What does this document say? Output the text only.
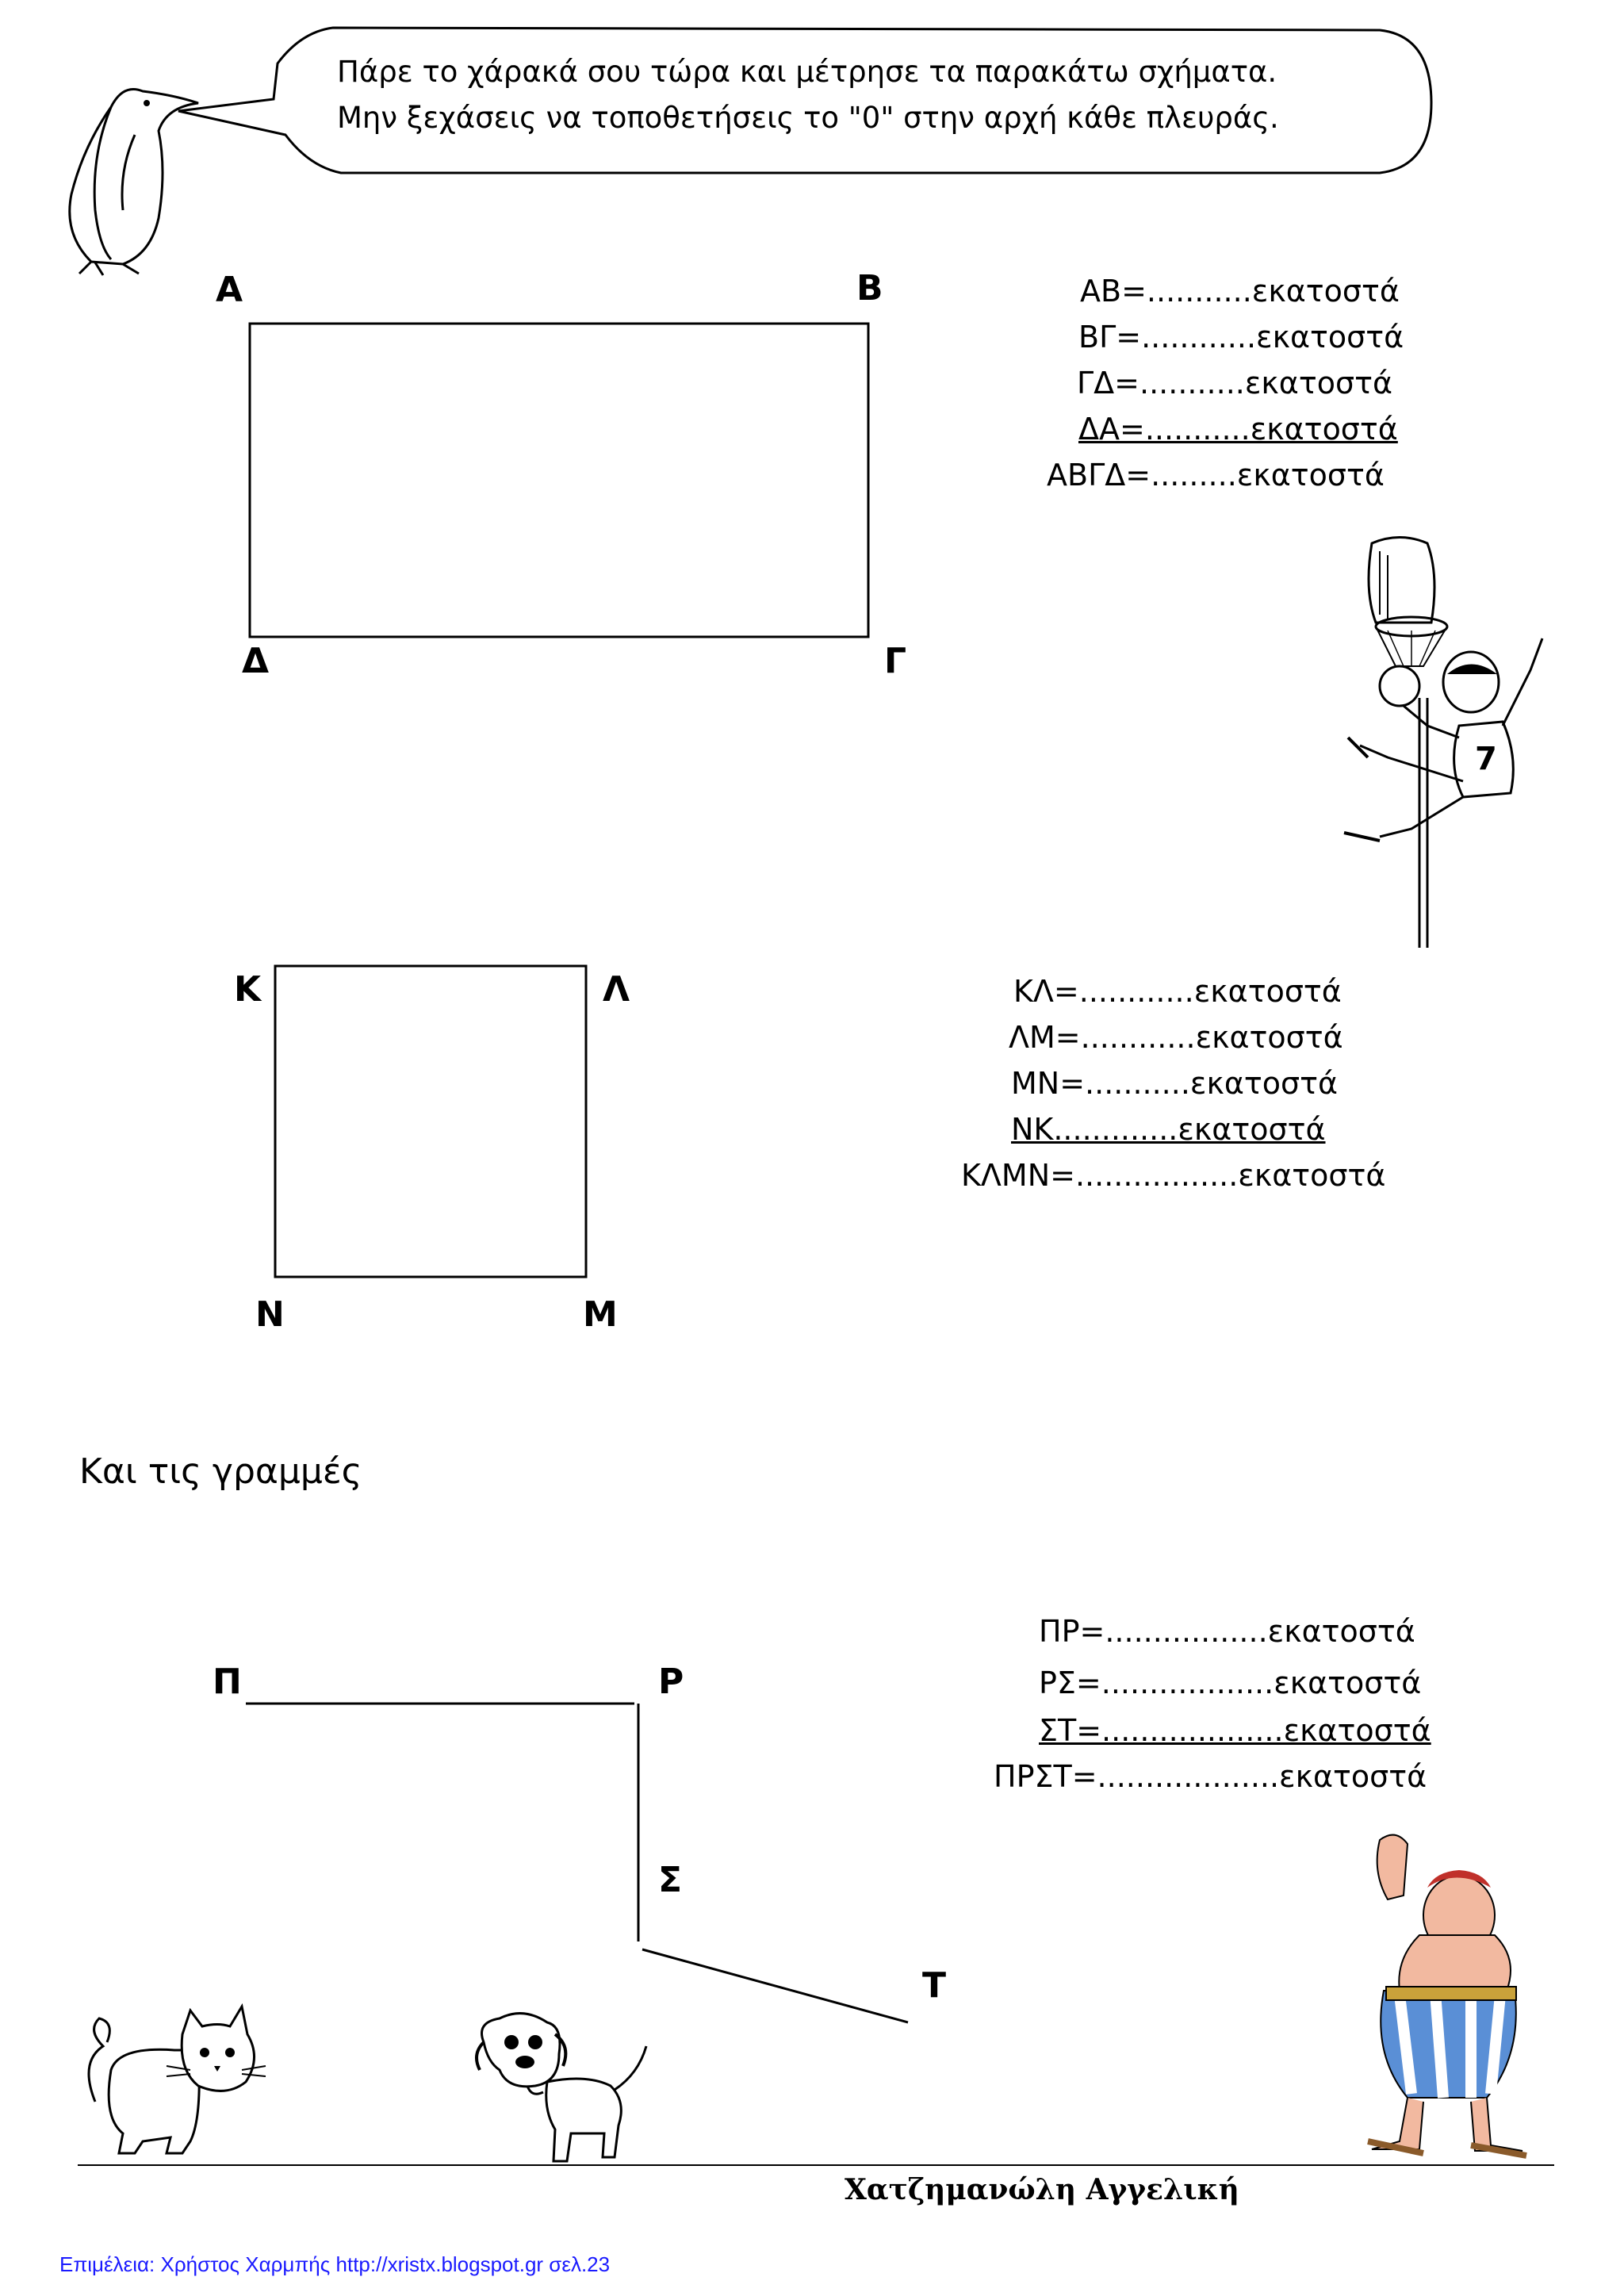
Πάρε το χάρακά σου τώρα και μέτρησε τα παρακάτω σχήματα.
Μην ξεχάσεις να τοποθετήσεις το "0" στην αρχή κάθε πλευράς.
Α	Β
Γ
Δ
ΑΒ=...........εκατοστά
ΒΓ=............εκατοστά
ΓΔ=...........εκατοστά
ΔΑ=...........εκατοστά
ΑΒΓΔ=.........εκατοστά
7
Κ	Λ
Μ
Ν
ΚΛ=............εκατοστά
ΛΜ=............εκατοστά
ΜΝ=...........εκατοστά
ΝΚ.............εκατοστά
ΚΛΜΝ=.................εκατοστά
Και τις γραμμές
Π	Ρ
Σ
Τ
ΠΡ=.................εκατοστά
ΡΣ=..................εκατοστά
ΣΤ=...................εκατοστά
ΠΡΣΤ=...................εκατοστά
Χατζημανώλη Αγγελική
Επιμέλεια: Χρήστος Χαρμπής http://xristx.blogspot.gr σελ.23
